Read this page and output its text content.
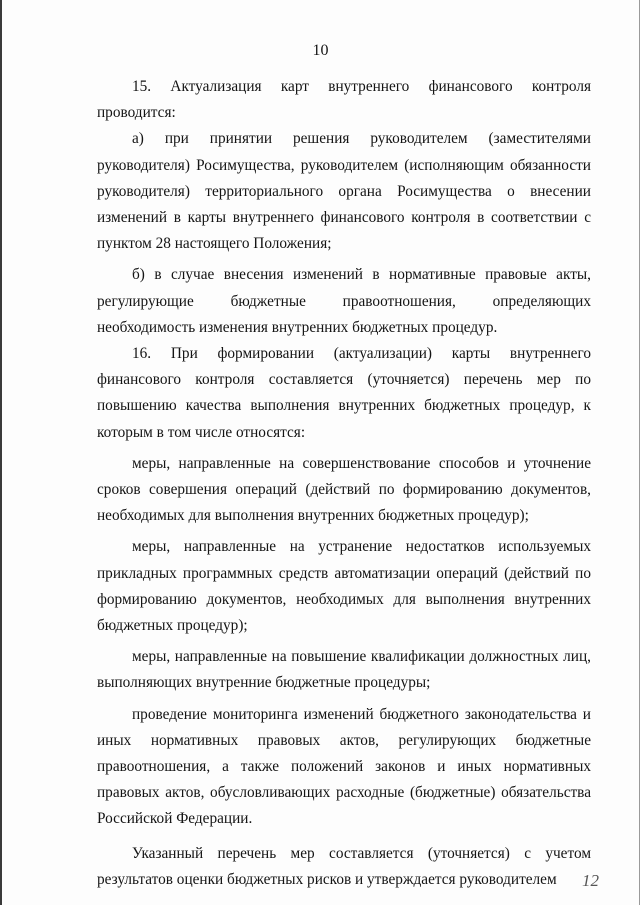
10

15. Актуализация карт внутреннего финансового контроля проводится:

а) при принятии решения руководителем (заместителями руководителя) Росимущества, руководителем (исполняющим обязанности руководителя) территориального органа Росимущества о внесении изменений в карты внутреннего финансового контроля в соответствии с пунктом 28 настоящего Положения;

б) в случае внесения изменений в нормативные правовые акты, регулирующие бюджетные правоотношения, определяющих необходимость изменения внутренних бюджетных процедур.

16. При формировании (актуализации) карты внутреннего финансового контроля составляется (уточняется) перечень мер по повышению качества выполнения внутренних бюджетных процедур, к которым в том числе относятся:

меры, направленные на совершенствование способов и уточнение сроков совершения операций (действий по формированию документов, необходимых для выполнения внутренних бюджетных процедур);

меры, направленные на устранение недостатков используемых прикладных программных средств автоматизации операций (действий по формированию документов, необходимых для выполнения внутренних бюджетных процедур);

меры, направленные на повышение квалификации должностных лиц, выполняющих внутренние бюджетные процедуры;

проведение мониторинга изменений бюджетного законодательства и иных нормативных правовых актов, регулирующих бюджетные правоотношения, а также положений законов и иных нормативных правовых актов, обусловливающих расходные (бюджетные) обязательства Российской Федерации.

Указанный перечень мер составляется (уточняется) с учетом результатов оценки бюджетных рисков и утверждается руководителем	12
